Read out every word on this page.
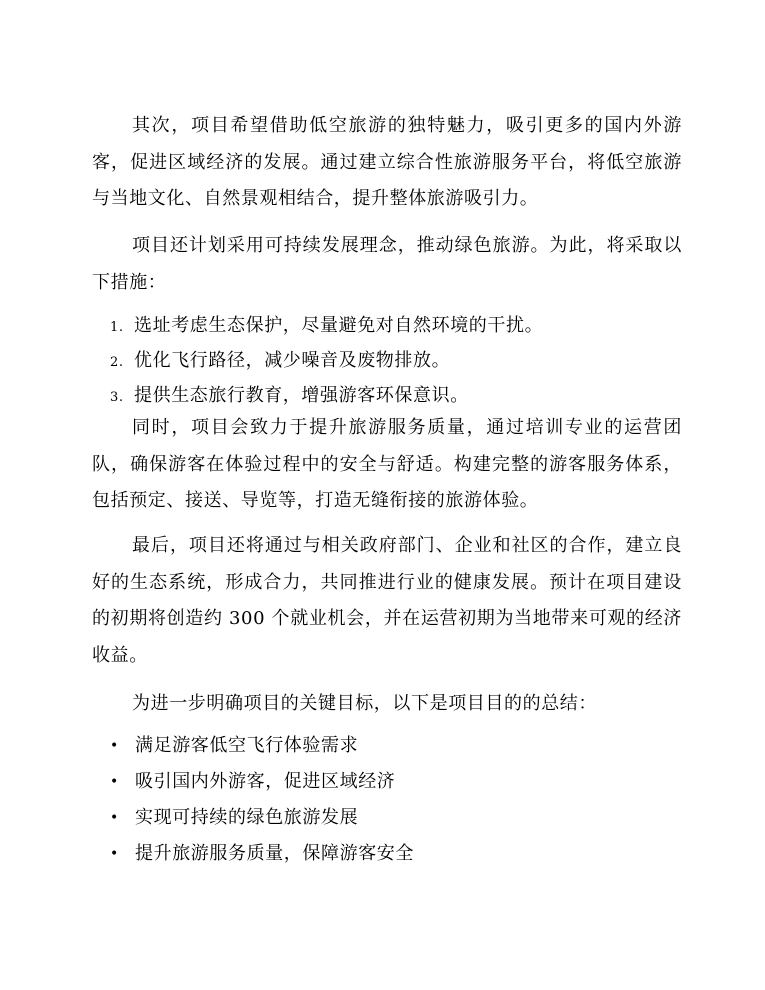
其次，项目希望借助低空旅游的独特魅力，吸引更多的国内外游客，促进区域经济的发展。通过建立综合性旅游服务平台，将低空旅游与当地文化、自然景观相结合，提升整体旅游吸引力。

项目还计划采用可持续发展理念，推动绿色旅游。为此，将采取以下措施：

1. 选址考虑生态保护，尽量避免对自然环境的干扰。
2. 优化飞行路径，减少噪音及废物排放。
3. 提供生态旅行教育，增强游客环保意识。

同时，项目会致力于提升旅游服务质量，通过培训专业的运营团队，确保游客在体验过程中的安全与舒适。构建完整的游客服务体系，包括预定、接送、导览等，打造无缝衔接的旅游体验。

最后，项目还将通过与相关政府部门、企业和社区的合作，建立良好的生态系统，形成合力，共同推进行业的健康发展。预计在项目建设的初期将创造约 300 个就业机会，并在运营初期为当地带来可观的经济收益。

为进一步明确项目的关键目标，以下是项目目的的总结：

• 满足游客低空飞行体验需求
• 吸引国内外游客，促进区域经济
• 实现可持续的绿色旅游发展
• 提升旅游服务质量，保障游客安全
